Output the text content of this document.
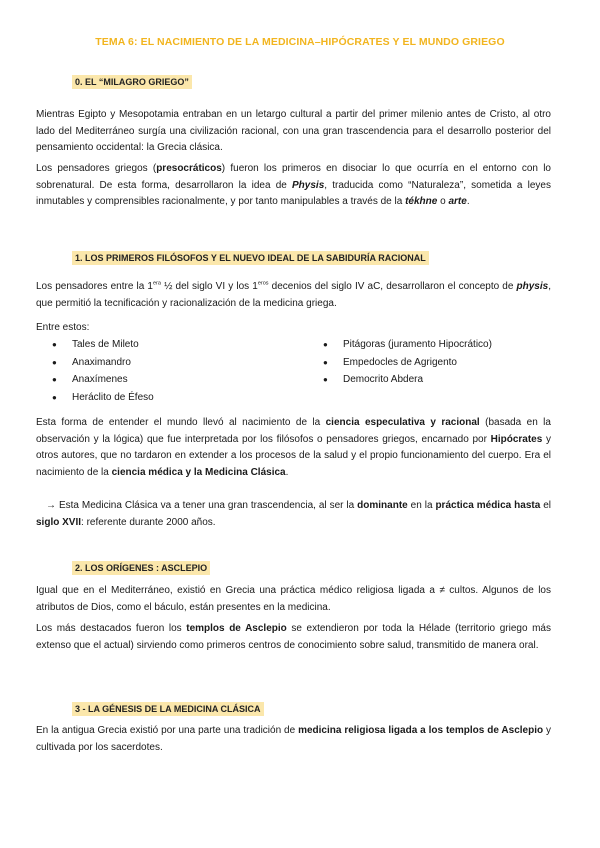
TEMA 6: EL NACIMIENTO DE LA MEDICINA–HIPÓCRATES Y EL MUNDO GRIEGO
0. EL “MILAGRO GRIEGO”

Mientras Egipto y Mesopotamia entraban en un letargo cultural a partir del primer milenio antes de Cristo, al otro lado del Mediterráneo surgía una civilización racional, con una gran trascendencia para el desarrollo posterior del pensamiento occidental: la Grecia clásica.

Los pensadores griegos (presocráticos) fueron los primeros en disociar lo que ocurría en el entorno con lo sobrenatural. De esta forma, desarrollaron la idea de Physis, traducida como “Naturaleza”, sometida a leyes inmutables y comprensibles racionalmente, y por tanto manipulables a través de la tékhne o arte.

1. LOS PRIMEROS FILÓSOFOS Y EL NUEVO IDEAL DE LA SABIDURÍA RACIONAL

Los pensadores entre la $1^{era}$ ½ del siglo VI y los $1^{eros}$ decenios del siglo IV aC, desarrollaron el concepto de physis, que permitió la tecnificación y racionalización de la medicina griega.

Entre estos:

● Tales de Mileto
● Anaximandro
● Anaxímenes
● Heráclito de Éfeso
● Pitágoras (juramento Hipocrático)
● Empedocles de Agrigento
● Democrito Abdera

Esta forma de entender el mundo llevó al nacimiento de la ciencia especulativa y racional (basada en la observación y la lógica) que fue interpretada por los filósofos o pensadores griegos, encarnado por Hipócrates y otros autores, que no tardaron en extender a los procesos de la salud y el propio funcionamiento del cuerpo. Era el nacimiento de la ciencia médica y la Medicina Clásica.

→ Esta Medicina Clásica va a tener una gran trascendencia, al ser la dominante en la práctica médica hasta el siglo XVII: referente durante 2000 años.

2. LOS ORÍGENES : ASCLEPIO

Igual que en el Mediterráneo, existió en Grecia una práctica médico religiosa ligada a ≠ cultos. Algunos de los atributos de Dios, como el báculo, están presentes en la medicina.

Los más destacados fueron los templos de Asclepio se extendieron por toda la Hélade (territorio griego más extenso que el actual) sirviendo como primeros centros de conocimiento sobre salud, transmitido de manera oral.

3 - LA GÉNESIS DE LA MEDICINA CLÁSICA

En la antigua Grecia existió por una parte una tradición de medicina religiosa ligada a los templos de Asclepio y cultivada por los sacerdotes.
